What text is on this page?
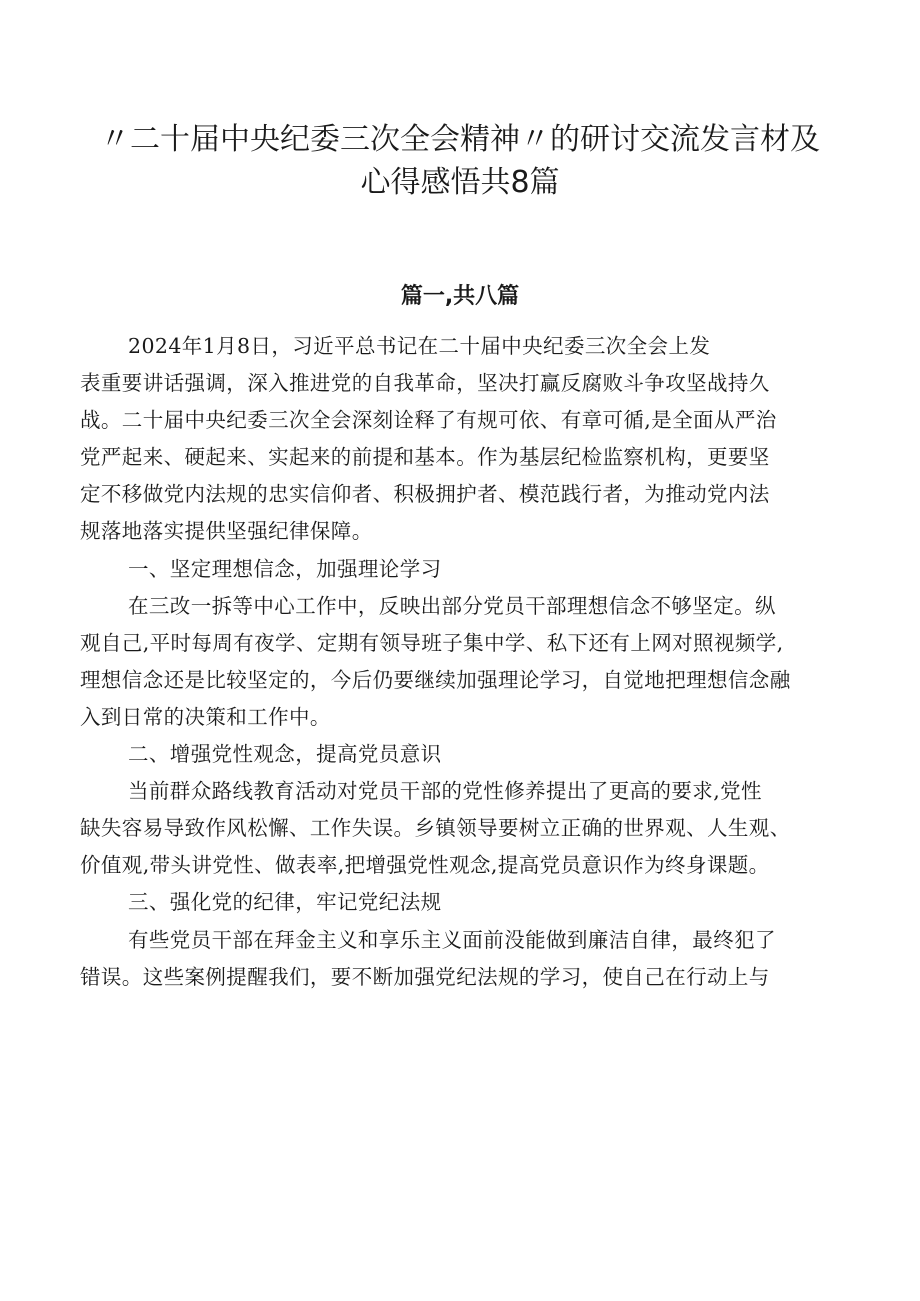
〃二十届中央纪委三次全会精神〃的研讨交流发言材及
心得感悟共8篇
篇一,共八篇
2024年1月8日，习近平总书记在二十届中央纪委三次全会上发
表重要讲话强调，深入推进党的自我革命，坚决打赢反腐败斗争攻坚战持久
战。二十届中央纪委三次全会深刻诠释了有规可依、有章可循,是全面从严治
党严起来、硬起来、实起来的前提和基本。作为基层纪检监察机构，更要坚
定不移做党内法规的忠实信仰者、积极拥护者、模范践行者，为推动党内法
规落地落实提供坚强纪律保障。
一、坚定理想信念，加强理论学习
在三改一拆等中心工作中，反映出部分党员干部理想信念不够坚定。纵
观自己,平时每周有夜学、定期有领导班子集中学、私下还有上网对照视频学,
理想信念还是比较坚定的，今后仍要继续加强理论学习，自觉地把理想信念融
入到日常的决策和工作中。
二、增强党性观念，提高党员意识
当前群众路线教育活动对党员干部的党性修养提出了更高的要求,党性
缺失容易导致作风松懈、工作失误。乡镇领导要树立正确的世界观、人生观、
价值观,带头讲党性、做表率,把增强党性观念,提高党员意识作为终身课题。
三、强化党的纪律，牢记党纪法规
有些党员干部在拜金主义和享乐主义面前没能做到廉洁自律，最终犯了
错误。这些案例提醒我们，要不断加强党纪法规的学习，使自己在行动上与
